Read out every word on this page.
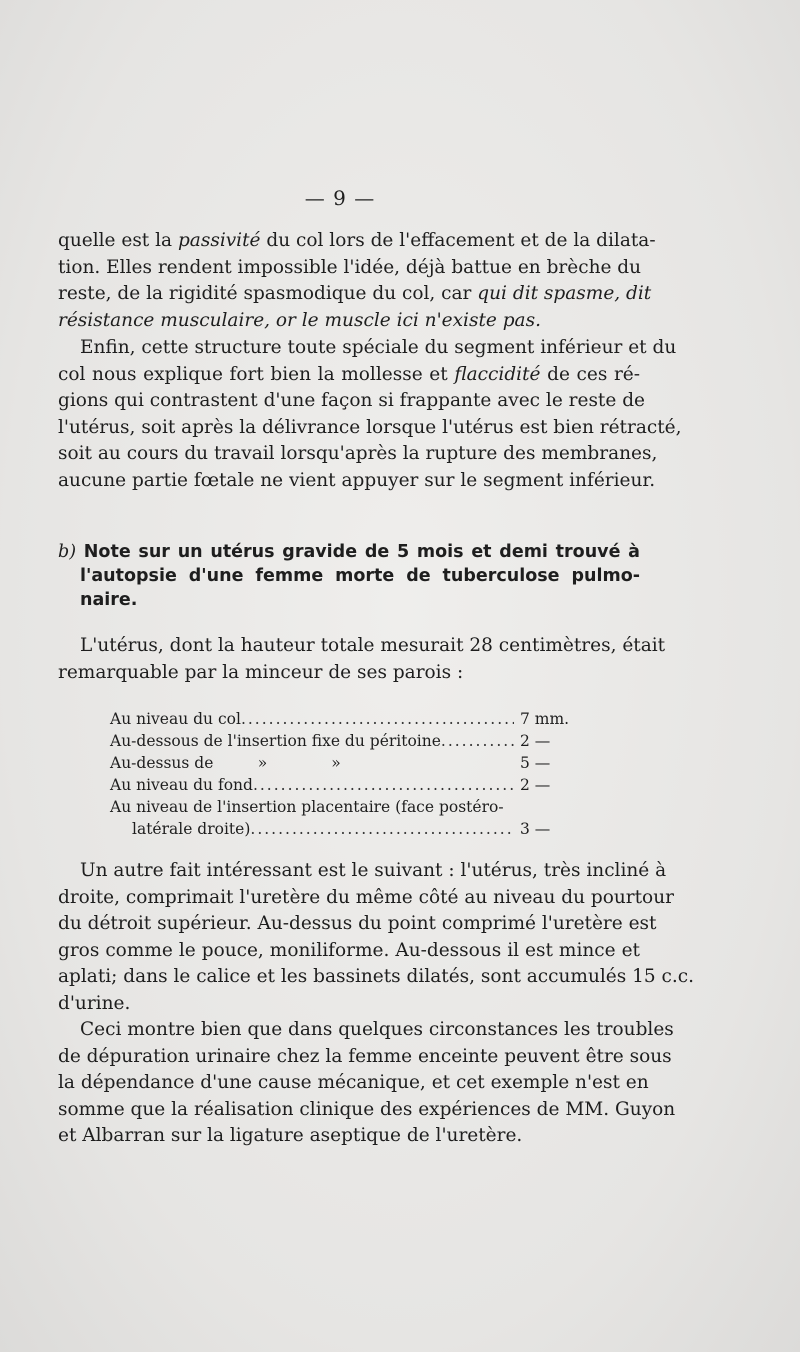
— 9 —
quelle est la passivité du col lors de l'effacement et de la dilata-
tion. Elles rendent impossible l'idée, déjà battue en brèche du
reste, de la rigidité spasmodique du col, car qui dit spasme, dit
résistance musculaire, or le muscle ici n'existe pas.
Enfin, cette structure toute spéciale du segment inférieur et du
col nous explique fort bien la mollesse et flaccidité de ces ré-
gions qui contrastent d'une façon si frappante avec le reste de
l'utérus, soit après la délivrance lorsque l'utérus est bien rétracté,
soit au cours du travail lorsqu'après la rupture des membranes,
aucune partie fœtale ne vient appuyer sur le segment inférieur.
b) Note sur un utérus gravide de 5 mois et demi trouvé à
l'autopsie d'une femme morte de tuberculose pulmo-
naire.
L'utérus, dont la hauteur totale mesurait 28 centimètres, était
remarquable par la minceur de ses parois :
Au niveau du col .....	7 mm.
Au-dessous de l'insertion fixe du péritoine .....	2 —
Au-dessus de         »             »	5 —
Au niveau du fond .....	2 —
Au niveau de l'insertion placentaire (face postéro-
latérale droite) .....	3 —
Un autre fait intéressant est le suivant : l'utérus, très incliné à
droite, comprimait l'uretère du même côté au niveau du pourtour
du détroit supérieur. Au-dessus du point comprimé l'uretère est
gros comme le pouce, moniliforme. Au-dessous il est mince et
aplati; dans le calice et les bassinets dilatés, sont accumulés 15 c.c.
d'urine.
Ceci montre bien que dans quelques circonstances les troubles
de dépuration urinaire chez la femme enceinte peuvent être sous
la dépendance d'une cause mécanique, et cet exemple n'est en
somme que la réalisation clinique des expériences de MM. Guyon
et Albarran sur la ligature aseptique de l'uretère.
